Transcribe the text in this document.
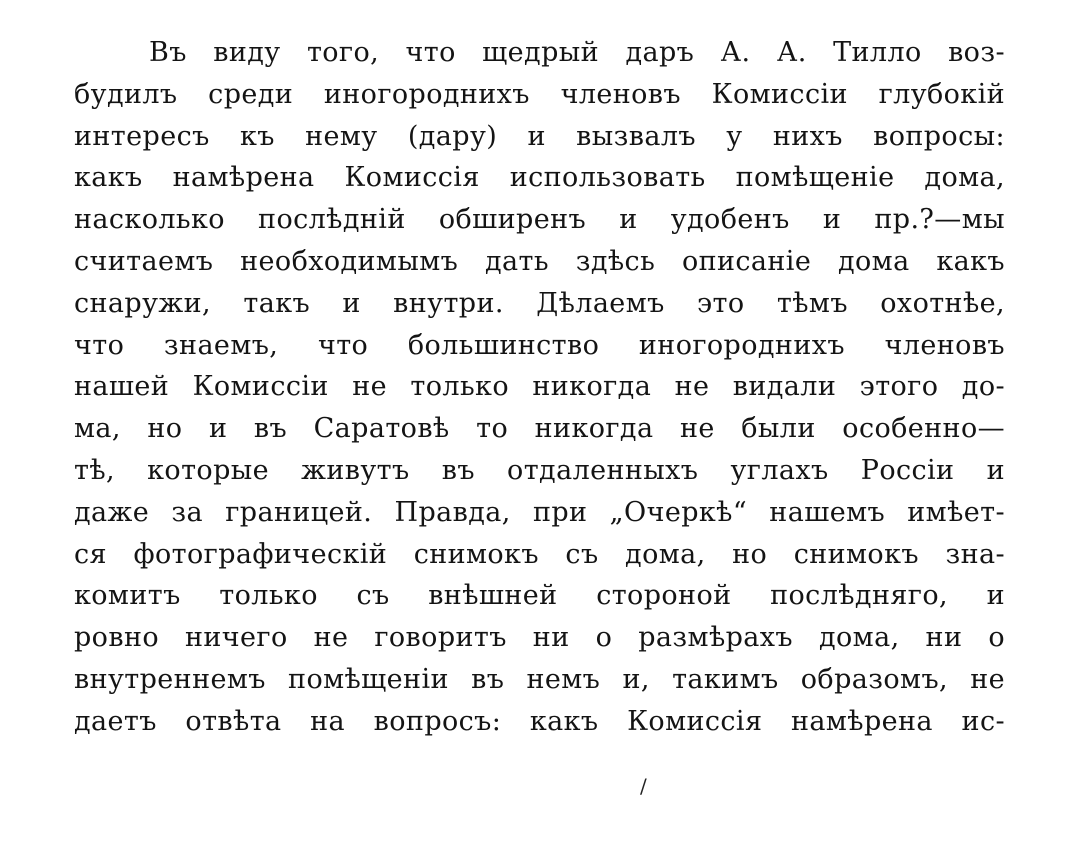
Въ виду того, что щедрый даръ А. А. Тилло воз-
будилъ среди иногороднихъ членовъ Комиссіи глубокій
интересъ къ нему (дару) и вызвалъ у нихъ вопросы:
какъ намѣрена Комиссія использовать помѣщеніе дома,
насколько послѣдній обширенъ и удобенъ и пр.?—мы
считаемъ необходимымъ дать здѣсь описаніе дома какъ
снаружи, такъ и внутри. Дѣлаемъ это тѣмъ охотнѣе,
что знаемъ, что большинство иногороднихъ членовъ
нашей Комиссіи не только никогда не видали этого до-
ма, но и въ Саратовѣ то никогда не были особенно—
тѣ, которые живутъ въ отдаленныхъ углахъ Россіи и
даже за границей. Правда, при „Очеркѣ“ нашемъ имѣет-
ся фотографическій снимокъ съ дома, но снимокъ зна-
комитъ только съ внѣшней стороной послѣдняго, и
ровно ничего не говоритъ ни о размѣрахъ дома, ни о
внутреннемъ помѣщеніи въ немъ и, такимъ образомъ, не
даетъ отвѣта на вопросъ: какъ Комиссія намѣрена ис-
/
